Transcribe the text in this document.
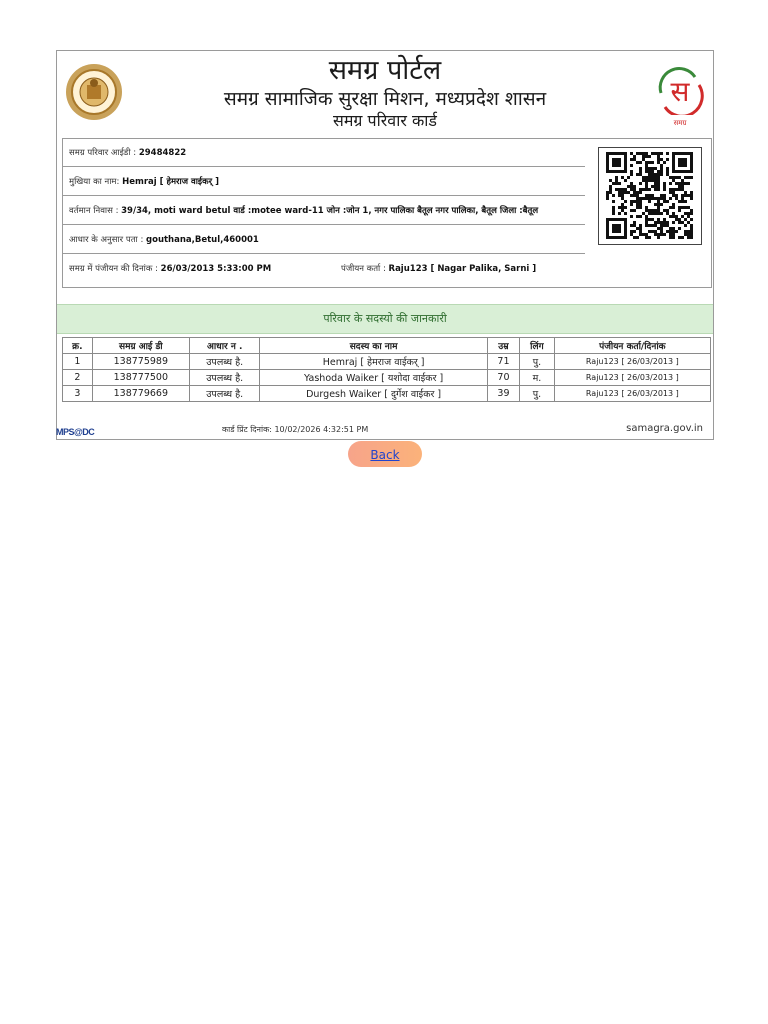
समग्र पोर्टल
समग्र सामाजिक सुरक्षा मिशन, मध्यप्रदेश शासन
समग्र परिवार कार्ड
स
समग्र
समग्र परिवार आईडी : 29484822
मुखिया का नाम: Hemraj [ हेमराज वाईकर् ]
वर्तमान निवास : 39/34, moti ward betul वार्ड :motee ward-11 जोन :जोन 1, नगर पालिका बैतूल नगर पालिका, बैतूल जिला :बैतूल
आधार के अनुसार पता : gouthana,Betul,460001
समग्र में पंजीयन की दिनांक : 26/03/2013 5:33:00 PM	पंजीयन कर्ता : Raju123 [ Nagar Palika, Sarni ]
परिवार के सदस्यो की जानकारी
क्र.	समग्र आई डी	आधार न .	सदस्य का नाम	उम्र	लिंग	पंजीयन कर्ता/दिनांक
1	138775989	उपलब्ध है.	Hemraj [ हेमराज वाईकर् ]	71	पु.	Raju123 [ 26/03/2013 ]
2	138777500	उपलब्ध है.	Yashoda Waiker [ यशोदा वाईकर ]	70	म.	Raju123 [ 26/03/2013 ]
3	138779669	उपलब्ध है.	Durgesh Waiker [ दुर्गेश वाईकर ]	39	पु.	Raju123 [ 26/03/2013 ]
MPS@DC	कार्ड प्रिंट दिनांक: 10/02/2026 4:32:51 PM	samagra.gov.in
Back
